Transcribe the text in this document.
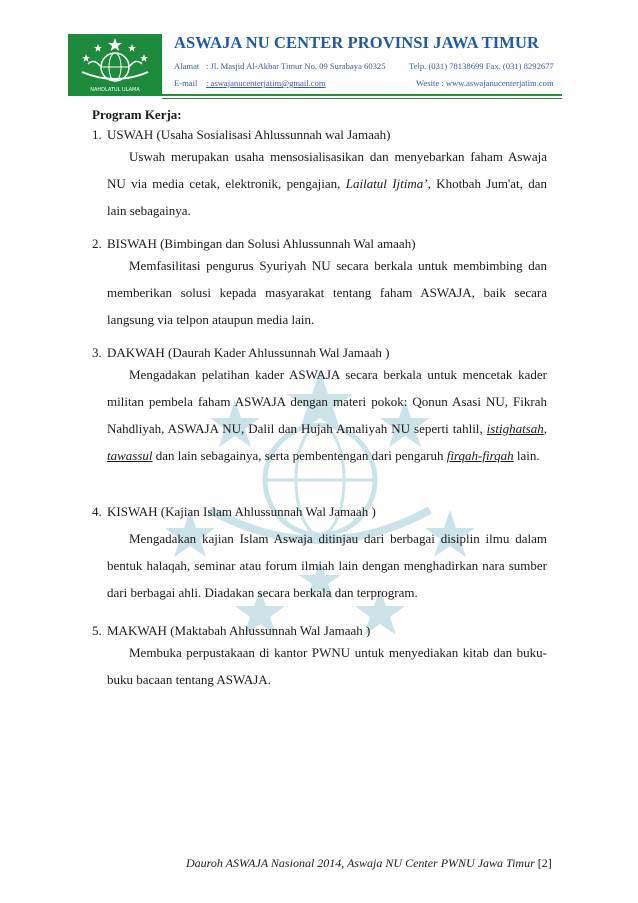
NAHDLATUL ULAMA
ASWAJA NU CENTER PROVINSI JAWA TIMUR
Alamat : Jl. Masjid Al-Akbar Timur No. 09 Surabaya 60325	Telp. (031) 78138699 Fax. (031) 8292677
E-mail : aswajanucenterjatim@gmail.com	Wesite : www.aswajanucenterjatim.com
Program Kerja:
1. USWAH (Usaha Sosialisasi Ahlussunnah wal Jamaah)

Uswah merupakan usaha mensosialisasikan dan menyebarkan faham Aswaja NU via media cetak, elektronik, pengajian, Lailatul Ijtima’, Khotbah Jum'at, dan lain sebagainya.

2. BISWAH (Bimbingan dan Solusi Ahlussunnah Wal amaah)

Memfasilitasi pengurus Syuriyah NU secara berkala untuk membimbing dan memberikan solusi kepada masyarakat tentang faham ASWAJA, baik secara langsung via telpon ataupun media lain.

3. DAKWAH (Daurah Kader Ahlussunnah Wal Jamaah )

Mengadakan pelatihan kader ASWAJA secara berkala untuk mencetak kader militan pembela faham ASWAJA dengan materi pokok: Qonun Asasi NU, Fikrah Nahdliyah, ASWAJA NU, Dalil dan Hujah Amaliyah NU seperti tahlil, istighatsah, tawassul dan lain sebagainya, serta pembentengan dari pengaruh firqah-firqah lain.

4. KISWAH (Kajian Islam Ahlussunnah Wal Jamaah )

Mengadakan kajian Islam Aswaja ditinjau dari berbagai disiplin ilmu dalam bentuk halaqah, seminar atau forum ilmiah lain dengan menghadirkan nara sumber dari berbagai ahli. Diadakan secara berkala dan terprogram.

5. MAKWAH (Maktabah Ahlussunnah Wal Jamaah )

Membuka perpustakaan di kantor PWNU untuk menyediakan kitab dan buku-buku bacaan tentang ASWAJA.

Dauroh ASWAJA Nasional 2014, Aswaja NU Center PWNU Jawa Timur [2]
